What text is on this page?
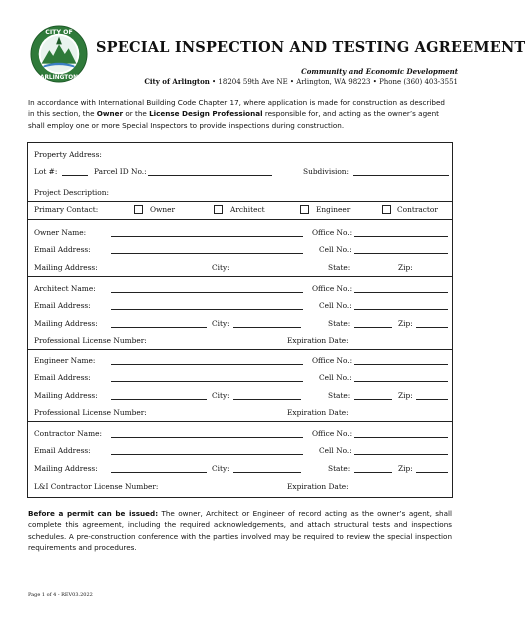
CITY OF
ARLINGTON
SPECIAL INSPECTION AND TESTING AGREEMENT
Community and Economic Development
City of Arlington • 18204 59th Ave NE • Arlington, WA 98223 • Phone (360) 403-3551
In accordance with International Building Code Chapter 17, where application is made for construction as described in this section, the Owner or the License Design Professional responsible for, and acting as the owner’s agent shall employ one or more Special Inspectors to provide inspections during construction.
Property Address:
Lot #:	Parcel ID No.:	Subdivision:
Project Description:
Primary Contact:	Owner	Architect	Engineer	Contractor
Owner Name:	Office No.:
Email Address:	Cell No.:
Mailing Address:	City:	State:	Zip:
Architect Name:	Office No.:
Email Address:	Cell No.:
Mailing Address:	City:	State:	Zip:
Professional License Number:	Expiration Date:
Engineer Name:	Office No.:
Email Address:	Cell No.:
Mailing Address:	City:	State:	Zip:
Professional License Number:	Expiration Date:
Contractor Name:	Office No.:
Email Address:	Cell No.:
Mailing Address:	City:	State:	Zip:
L&I Contractor License Number:	Expiration Date:
Before a permit can be issued: The owner, Architect or Engineer of record acting as the owner’s agent, shall complete this agreement, including the required acknowledgements, and attach structural tests and inspections schedules. A pre-construction conference with the parties involved may be required to review the special inspection requirements and procedures.
Page 1 of 4 - REV03.2022
